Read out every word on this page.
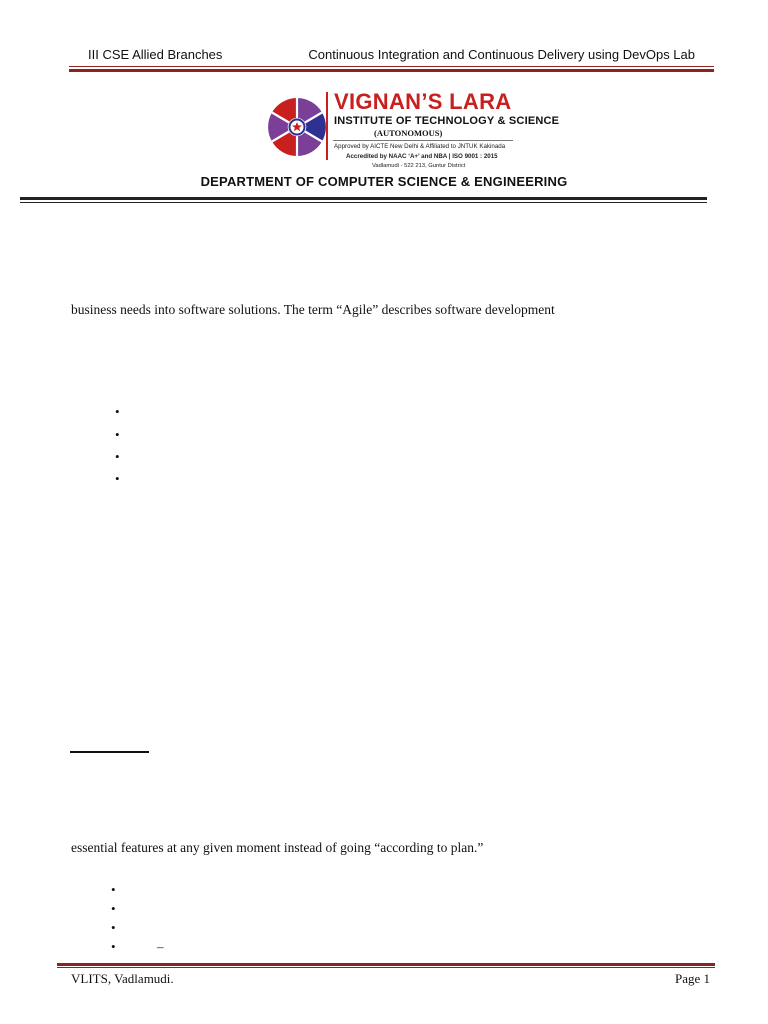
III CSE Allied Branches	Continuous Integration and Continuous Delivery using DevOps Lab
VIGNAN’S LARA
INSTITUTE OF TECHNOLOGY & SCIENCE
(AUTONOMOUS)
Approved by AICTE New Delhi & Affiliated to JNTUK Kakinada
Accredited by NAAC ‘A+’ and NBA | ISO 9001 : 2015
Vadlamudi - 522 213, Guntur District
DEPARTMENT OF COMPUTER SCIENCE & ENGINEERING
business needs into software solutions. The term “Agile” describes software development
•
•
•
•
essential features at any given moment instead of going “according to plan.”
•
•
•
•	–
VLITS, Vadlamudi.	Page 1
